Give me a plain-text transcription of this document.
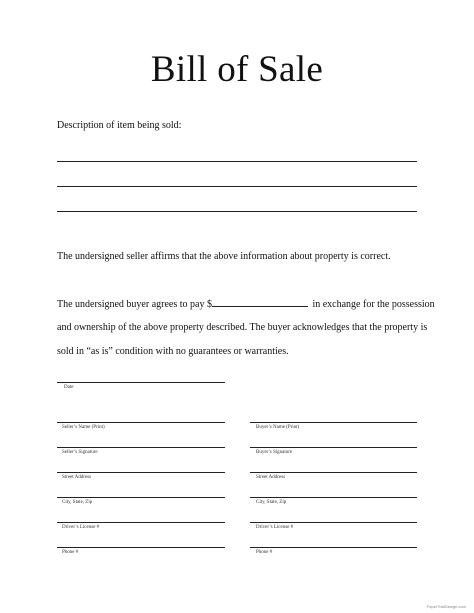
Bill of Sale
Description of item being sold:
The undersigned seller affirms that the above information about property is correct.
The undersigned buyer agrees to pay $	in exchange for the possession
and ownership of the above property described. The buyer acknowledges that the property is
sold in “as is” condition with no guarantees or warranties.
Date
Seller’s Name (Print)
Seller’s Signature
Street Address
City, State, Zip
Driver’s License #
Phone #
Buyer’s Name (Print)
Buyer’s Signature
Street Address
City, State, Zip
Driver’s License #
Phone #
PaperTrailDesign.com
